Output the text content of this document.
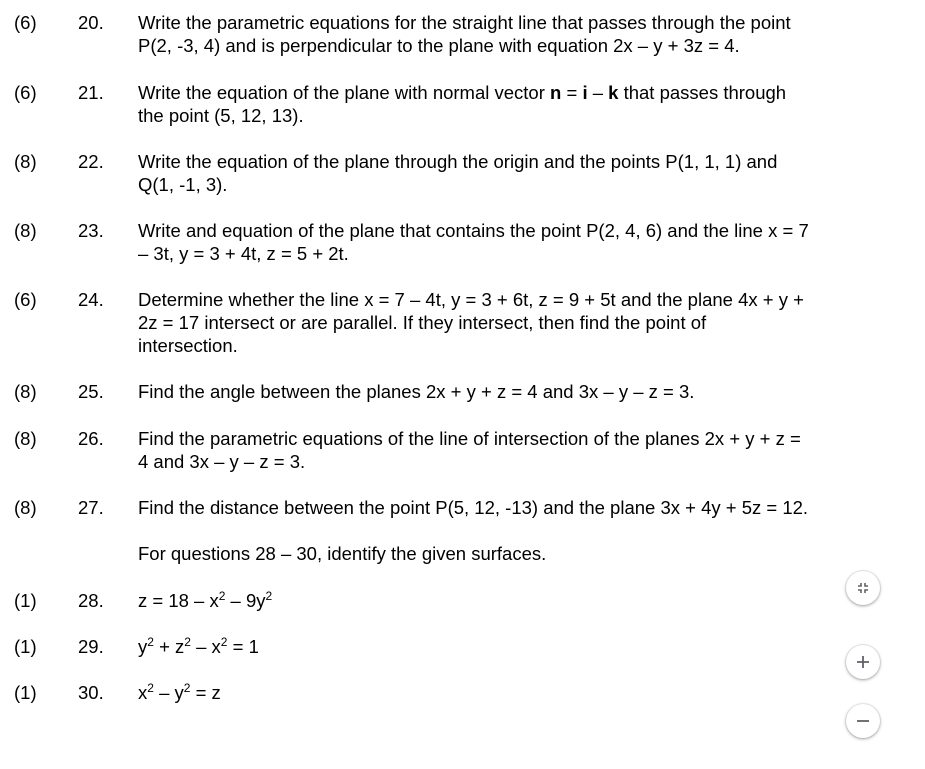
(6) 20. Write the parametric equations for the straight line that passes through the point
P(2, -3, 4) and is perpendicular to the plane with equation 2x – y + 3z = 4.
(6) 21. Write the equation of the plane with normal vector n = i – k that passes through
the point (5, 12, 13).
(8) 22. Write the equation of the plane through the origin and the points P(1, 1, 1) and
Q(1, -1, 3).
(8) 23. Write and equation of the plane that contains the point P(2, 4, 6) and the line x = 7
– 3t, y = 3 + 4t, z = 5 + 2t.
(6) 24. Determine whether the line x = 7 – 4t, y = 3 + 6t, z = 9 + 5t and the plane 4x + y +
2z = 17 intersect or are parallel. If they intersect, then find the point of
intersection.
(8) 25. Find the angle between the planes 2x + y + z = 4 and 3x – y – z = 3.
(8) 26. Find the parametric equations of the line of intersection of the planes 2x + y + z =
4 and 3x – y – z = 3.
(8) 27. Find the distance between the point P(5, 12, -13) and the plane 3x + 4y + 5z = 12.
For questions 28 – 30, identify the given surfaces.
(1) 28. $z = 18 - x^2 - 9y^2$
(1) 29. $y^2 + z^2 - x^2 = 1$
(1) 30. $x^2 - y^2 = z$
